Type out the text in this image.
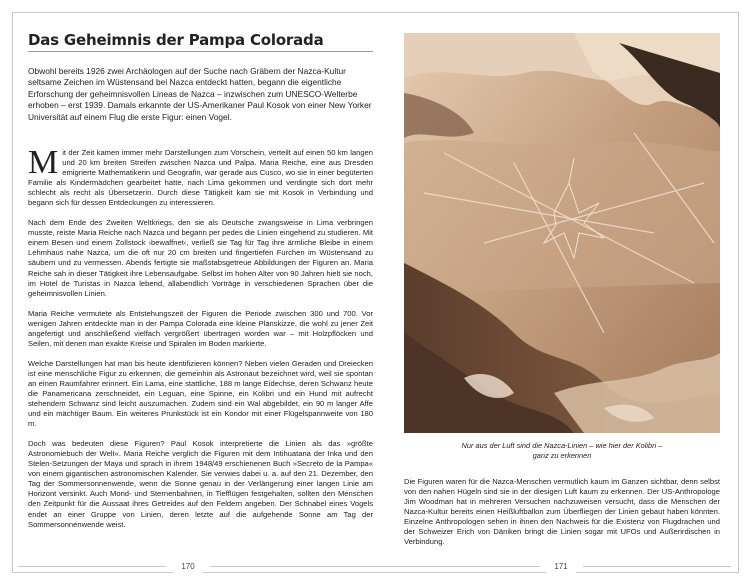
Das Geheimnis der Pampa Colorada

Obwohl bereits 1926 zwei Archäologen auf der Suche nach Gräbern der Nazca-Kultur seltsame Zeichen im Wüstensand bei Nazca entdeckt hatten, begann die eigentliche Erforschung der geheimnisvollen Lineas de Nazca – inzwischen zum UNESCO-Welterbe erhoben – erst 1939. Damals erkannte der US-Amerikaner Paul Kosok von einer New Yorker Universität auf einem Flug die erste Figur: einen Vogel.

Mit der Zeit kamen immer mehr Darstellungen zum Vorschein, verteilt auf einen 50 km langen und 20 km breiten Streifen zwischen Nazca und Palpa. Maria Reiche, eine aus Dresden emigrierte Mathematikerin und Geografin, war gerade aus Cusco, wo sie in einer begüterten Familie als Kindermädchen gearbeitet hatte, nach Lima gekommen und verdingte sich dort mehr schlecht als recht als Übersetzerin. Durch diese Tätigkeit kam sie mit Kosok in Verbindung und begann sich für dessen Entdeckungen zu interessieren.

Nach dem Ende des Zweiten Weltkriegs, den sie als Deutsche zwangsweise in Lima verbringen musste, reiste Maria Reiche nach Nazca und begann per pedes die Linien eingehend zu studieren. Mit einem Besen und einem Zollstock ›bewaffnet‹, verließ sie Tag für Tag ihre ärmliche Bleibe in einem Lehmhaus nahe Nazca, um die oft nur 20 cm breiten und fingertiefen Furchen im Wüstensand zu säubern und zu vermessen. Abends fertigte sie maßstabsgetreue Abbildungen der Figuren an. Maria Reiche sah in dieser Tätigkeit ihre Lebensaufgabe. Selbst im hohen Alter von 90 Jahren hielt sie noch, im Hotel de Turistas in Nazca lebend, allabendlich Vorträge in verschiedenen Sprachen über die geheimnisvollen Linien.

Maria Reiche vermutete als Entstehungszeit der Figuren die Periode zwischen 300 und 700. Vor wenigen Jahren entdeckte man in der Pampa Colorada eine kleine Planskizze, die wohl zu jener Zeit angefertigt und anschließend vielfach vergrößert übertragen worden war – mit Holzpflöcken und Seilen, mit denen man exakte Kreise und Spiralen im Boden markierte.

Welche Darstellungen hat man bis heute identifizieren können? Neben vielen Geraden und Dreiecken ist eine menschliche Figur zu erkennen, die gemeinhin als Astronaut bezeichnet wird, weil sie spontan an einen Raumfahrer erinnert. Ein Lama, eine stattliche, 188 m lange Eidechse, deren Schwanz heute die Panamericana zerschneidet, ein Leguan, eine Spinne, ein Kolibri und ein Hund mit aufrecht stehendem Schwanz sind leicht auszumachen. Zudem sind ein Wal abgebildet, ein 90 m langer Affe und ein mächtiger Baum. Ein weiteres Prunkstück ist ein Kondor mit einer Flügelspannweite von 180 m.

Doch was bedeuten diese Figuren? Paul Kosok interpretierte die Linien als das »größte Astronomiebuch der Welt«. Maria Reiche verglich die Figuren mit dem Intihuatana der Inka und den Stelen-Setzungen der Maya und sprach in ihrem 1948/49 erschienenen Buch »Secreto de la Pampa« von einem gigantischen astronomischen Kalender. Sie verwies dabei u. a. auf den 21. Dezember, den Tag der Sommersonnenwende, wenn die Sonne genau in der Verlängerung einer langen Linie am Horizont versinkt. Auch Mond- und Sternenbahnen, in Tiefflügen festgehalten, sollten den Menschen den Zeitpunkt für die Aussaat ihres Getreides auf den Feldern angeben. Der Schnabel eines Vogels endet an einer Gruppe von Linien, deren letzte auf die aufgehende Sonne am Tag der Sommersonnenwende weist.

Nur aus der Luft sind die Nazca-Linien – wie hier der Kolibri –
ganz zu erkennen

Die Figuren waren für die Nazca-Menschen vermutlich kaum im Ganzen sichtbar, denn selbst von den nahen Hügeln sind sie in der diesigen Luft kaum zu erkennen. Der US-Anthropologe Jim Woodman hat in mehreren Versuchen nachzuweisen versucht, dass die Menschen der Nazca-Kultur bereits einen Heißluftballon zum Überfliegen der Linien gebaut haben könnten. Einzelne Anthropologen sehen in ihnen den Nachweis für die Existenz von Flugdrachen und der Schweizer Erich von Däniken bringt die Linien sogar mit UFOs und Außerirdischen in Verbindung.

170	171
